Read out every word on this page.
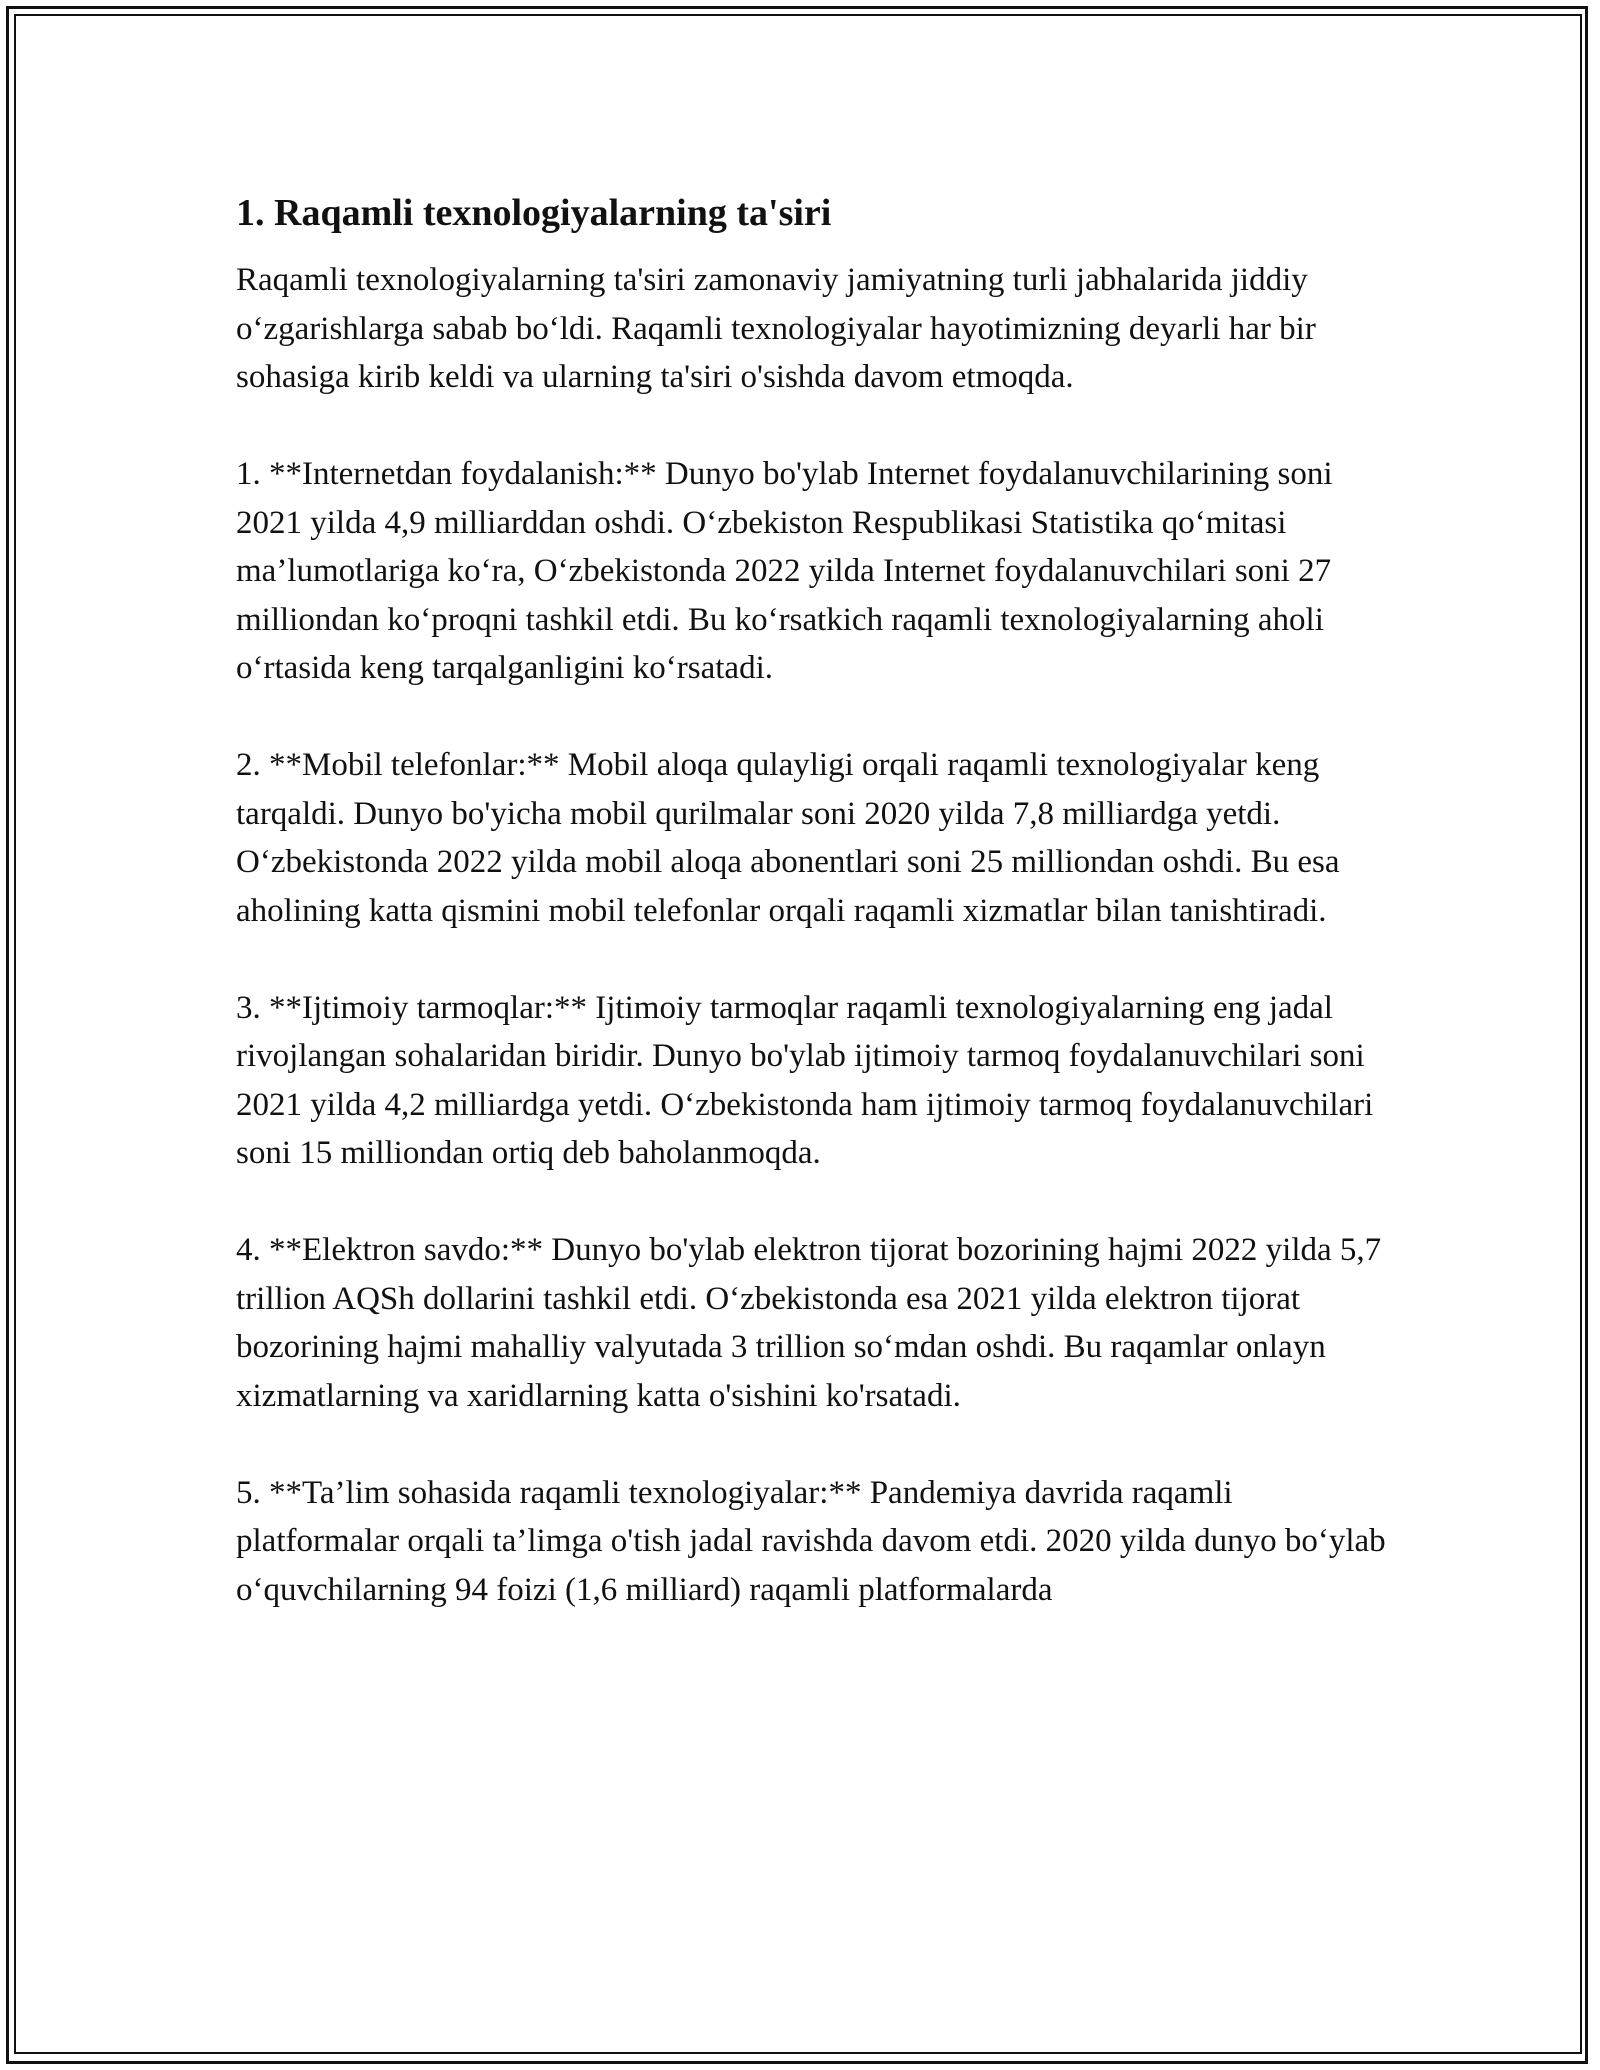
1. Raqamli texnologiyalarning ta'siri

Raqamli texnologiyalarning ta'siri zamonaviy jamiyatning turli jabhalarida jiddiy o‘zgarishlarga sabab bo‘ldi. Raqamli texnologiyalar hayotimizning deyarli har bir sohasiga kirib keldi va ularning ta'siri o'sishda davom etmoqda.

1. **Internetdan foydalanish:** Dunyo bo'ylab Internet foydalanuvchilarining soni 2021 yilda 4,9 milliarddan oshdi. O‘zbekiston Respublikasi Statistika qo‘mitasi ma’lumotlariga ko‘ra, O‘zbekistonda 2022 yilda Internet foydalanuvchilari soni 27 milliondan ko‘proqni tashkil etdi. Bu ko‘rsatkich raqamli texnologiyalarning aholi o‘rtasida keng tarqalganligini ko‘rsatadi.

2. **Mobil telefonlar:** Mobil aloqa qulayligi orqali raqamli texnologiyalar keng tarqaldi. Dunyo bo'yicha mobil qurilmalar soni 2020 yilda 7,8 milliardga yetdi. O‘zbekistonda 2022 yilda mobil aloqa abonentlari soni 25 milliondan oshdi. Bu esa aholining katta qismini mobil telefonlar orqali raqamli xizmatlar bilan tanishtiradi.

3. **Ijtimoiy tarmoqlar:** Ijtimoiy tarmoqlar raqamli texnologiyalarning eng jadal rivojlangan sohalaridan biridir. Dunyo bo'ylab ijtimoiy tarmoq foydalanuvchilari soni 2021 yilda 4,2 milliardga yetdi. O‘zbekistonda ham ijtimoiy tarmoq foydalanuvchilari soni 15 milliondan ortiq deb baholanmoqda.

4. **Elektron savdo:** Dunyo bo'ylab elektron tijorat bozorining hajmi 2022 yilda 5,7 trillion AQSh dollarini tashkil etdi. O‘zbekistonda esa 2021 yilda elektron tijorat bozorining hajmi mahalliy valyutada 3 trillion so‘mdan oshdi. Bu raqamlar onlayn xizmatlarning va xaridlarning katta o'sishini ko'rsatadi.

5. **Ta’lim sohasida raqamli texnologiyalar:** Pandemiya davrida raqamli platformalar orqali ta’limga o'tish jadal ravishda davom etdi. 2020 yilda dunyo bo‘ylab o‘quvchilarning 94 foizi (1,6 milliard) raqamli platformalarda
